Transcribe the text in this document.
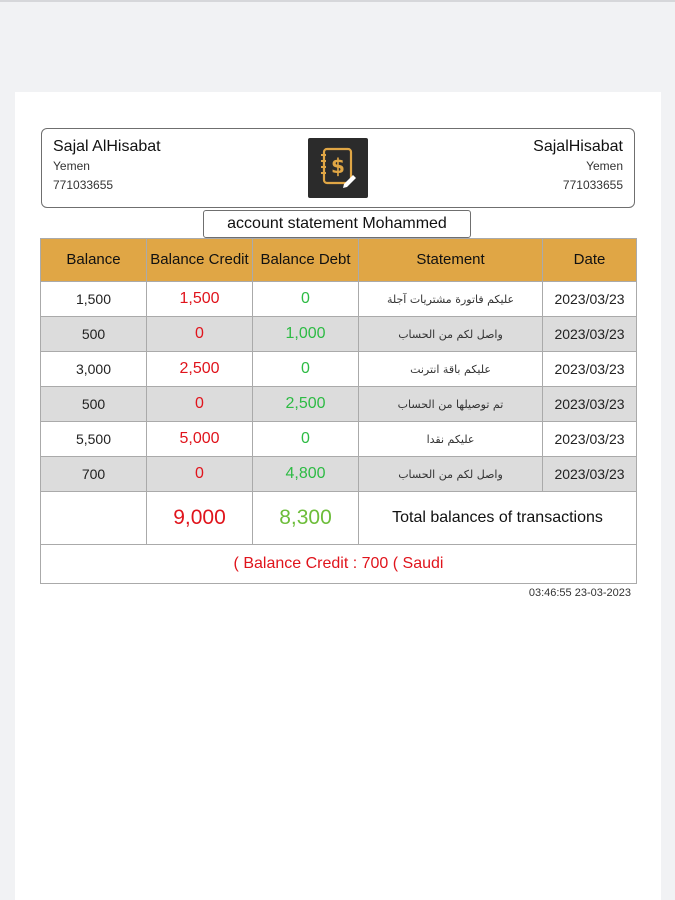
Sajal AlHisabat
Yemen
771033655
$
SajalHisabat
Yemen
771033655
account statement Mohammed
Balance	Balance Credit	Balance Debt	Statement	Date
1,500	1,500	0	عليكم فاتورة مشتريات آجلة	2023/03/23
500	0	1,000	واصل لكم من الحساب	2023/03/23
3,000	2,500	0	عليكم باقة انترنت	2023/03/23
500	0	2,500	تم توصيلها من الحساب	2023/03/23
5,500	5,000	0	عليكم نقدا	2023/03/23
700	0	4,800	واصل لكم من الحساب	2023/03/23
	9,000	8,300	Total balances of transactions	
( Balance Credit : 700 ( Saudi				
03:46:55 23-03-2023
